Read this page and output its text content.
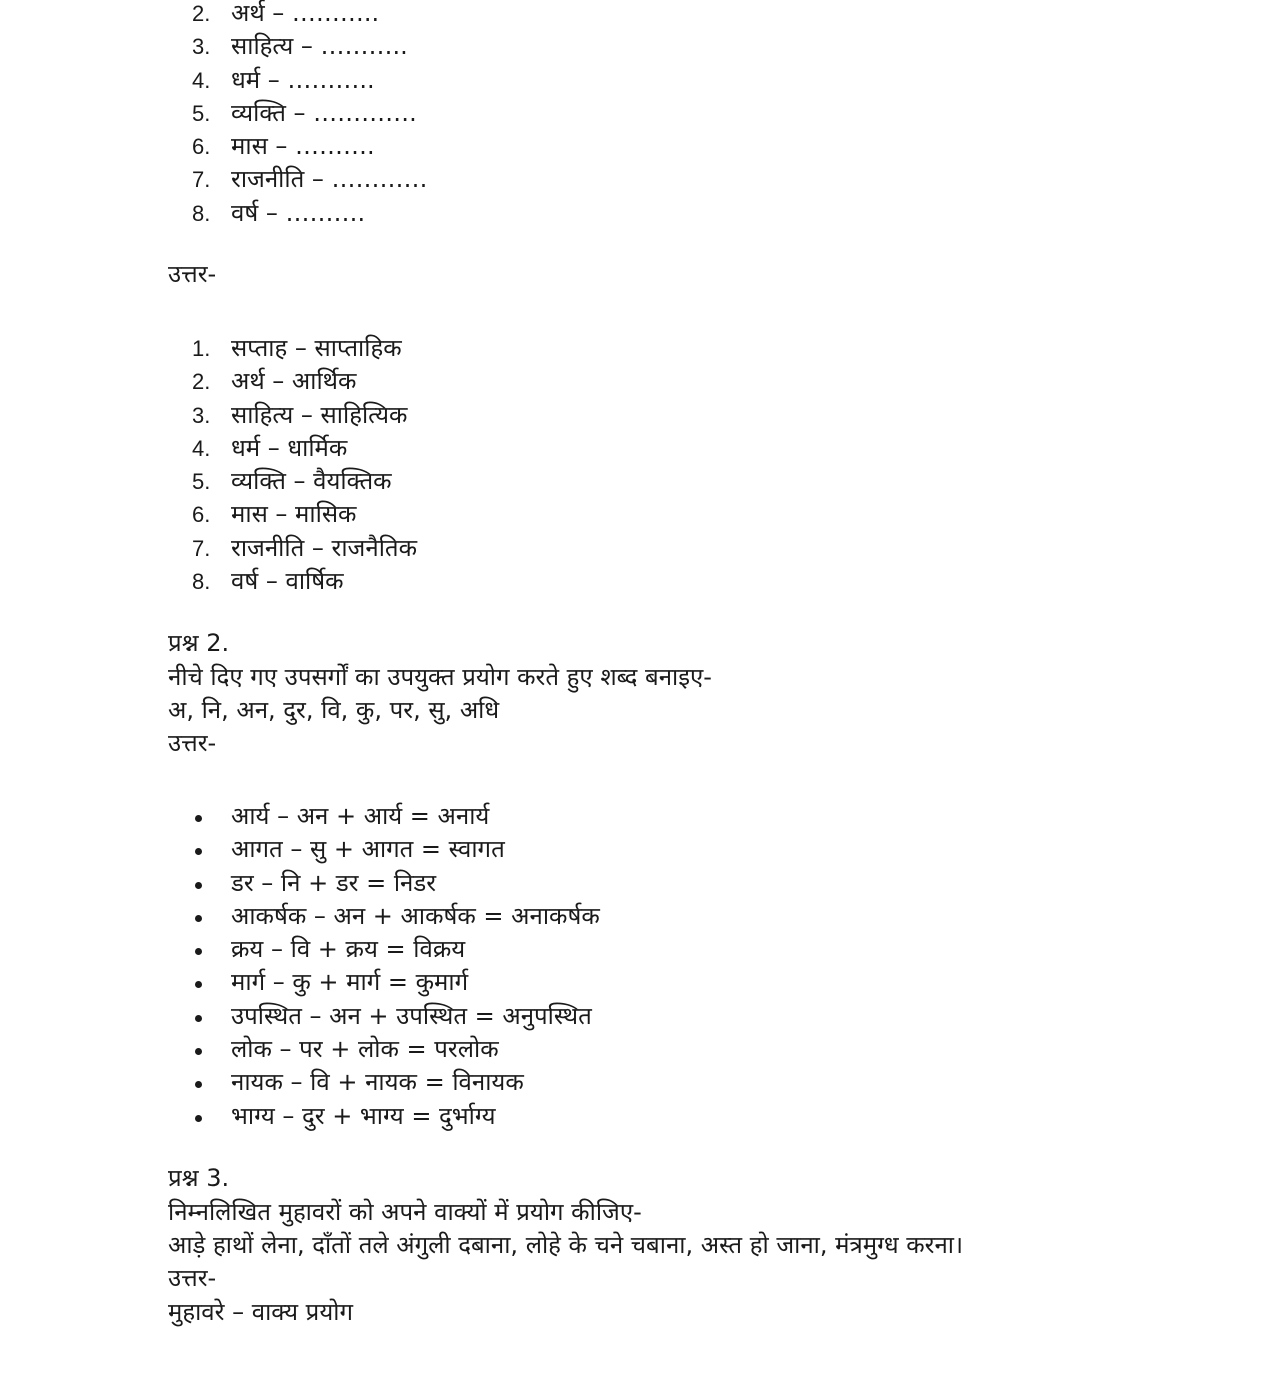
2. अर्थ – ………..
3. साहित्य – ………..
4. धर्म – ………..
5. व्यक्ति – ………….
6. मास – ……….
7. राजनीति – …………
8. वर्ष – ……….
उत्तर-
1. सप्ताह – साप्ताहिक
2. अर्थ – आर्थिक
3. साहित्य – साहित्यिक
4. धर्म – धार्मिक
5. व्यक्ति – वैयक्तिक
6. मास – मासिक
7. राजनीति – राजनैतिक
8. वर्ष – वार्षिक
प्रश्न 2.
नीचे दिए गए उपसर्गों का उपयुक्त प्रयोग करते हुए शब्द बनाइए-
अ, नि, अन, दुर, वि, कु, पर, सु, अधि
उत्तर-
आर्य – अन + आर्य = अनार्य
आगत – सु + आगत = स्वागत
डर – नि + डर = निडर
आकर्षक – अन + आकर्षक = अनाकर्षक
क्रय – वि + क्रय = विक्रय
मार्ग – कु + मार्ग = कुमार्ग
उपस्थित – अन + उपस्थित = अनुपस्थित
लोक – पर + लोक = परलोक
नायक – वि + नायक = विनायक
भाग्य – दुर + भाग्य = दुर्भाग्य
प्रश्न 3.
निम्नलिखित मुहावरों को अपने वाक्यों में प्रयोग कीजिए-
आड़े हाथों लेना, दाँतों तले अंगुली दबाना, लोहे के चने चबाना, अस्त हो जाना, मंत्रमुग्ध करना।
उत्तर-
मुहावरे – वाक्य प्रयोग
